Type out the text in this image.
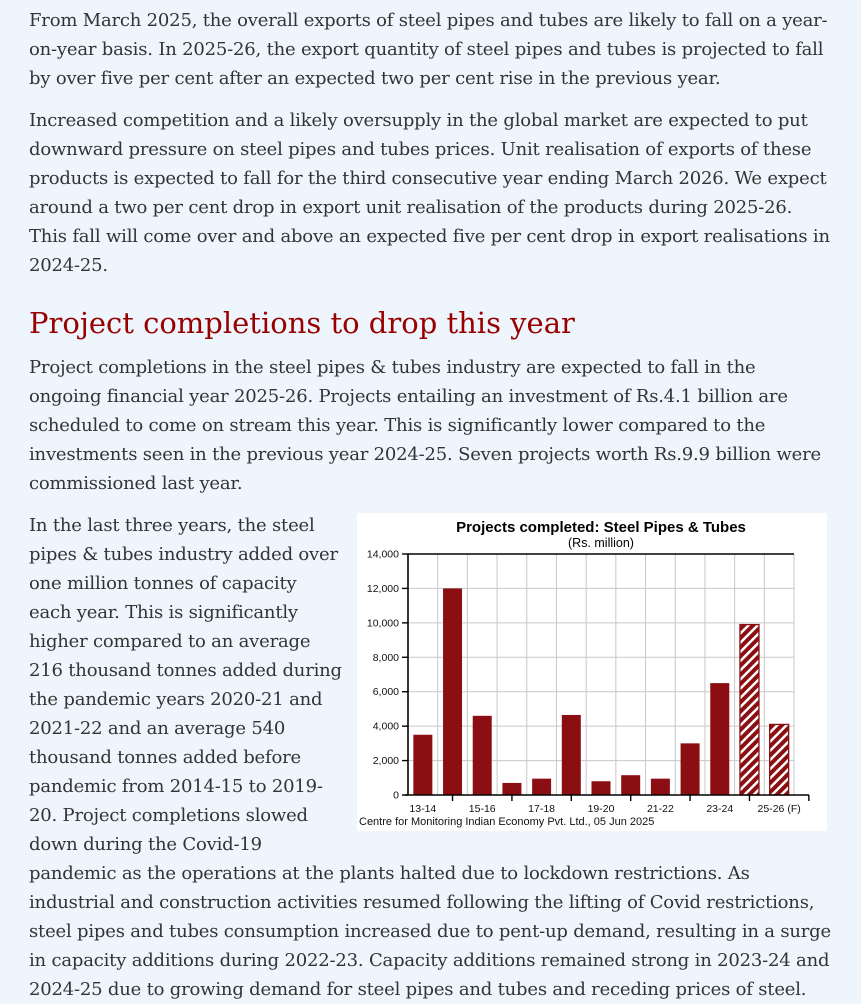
From March 2025, the overall exports of steel pipes and tubes are likely to fall on a year-on-year basis. In 2025-26, the export quantity of steel pipes and tubes is projected to fall by over five per cent after an expected two per cent rise in the previous year.

Increased competition and a likely oversupply in the global market are expected to put downward pressure on steel pipes and tubes prices. Unit realisation of exports of these products is expected to fall for the third consecutive year ending March 2026. We expect around a two per cent drop in export unit realisation of the products during 2025-26. This fall will come over and above an expected five per cent drop in export realisations in 2024-25.

Project completions to drop this year

Project completions in the steel pipes & tubes industry are expected to fall in the ongoing financial year 2025-26. Projects entailing an investment of Rs.4.1 billion are scheduled to come on stream this year. This is significantly lower compared to the investments seen in the previous year 2024-25. Seven projects worth Rs.9.9 billion were commissioned last year.

0
2,000
4,000
6,000
8,000
10,000
12,000
14,000
13-14	15-16	17-18	19-20	21-22	23-24 25-26 (F)
Projects completed: Steel Pipes & Tubes
(Rs. million)
Centre for Monitoring Indian Economy Pvt. Ltd., 05 Jun 2025

In the last three years, the steel pipes & tubes industry added over one million tonnes of capacity each year. This is significantly higher compared to an average 216 thousand tonnes added during the pandemic years 2020-21 and 2021-22 and an average 540 thousand tonnes added before pandemic from 2014-15 to 2019-20. Project completions slowed down during the Covid-19 pandemic as the operations at the plants halted due to lockdown restrictions. As industrial and construction activities resumed following the lifting of Covid restrictions, steel pipes and tubes consumption increased due to pent-up demand, resulting in a surge in capacity additions during 2022-23. Capacity additions remained strong in 2023-24 and 2024-25 due to growing demand for steel pipes and tubes and receding prices of steel.
